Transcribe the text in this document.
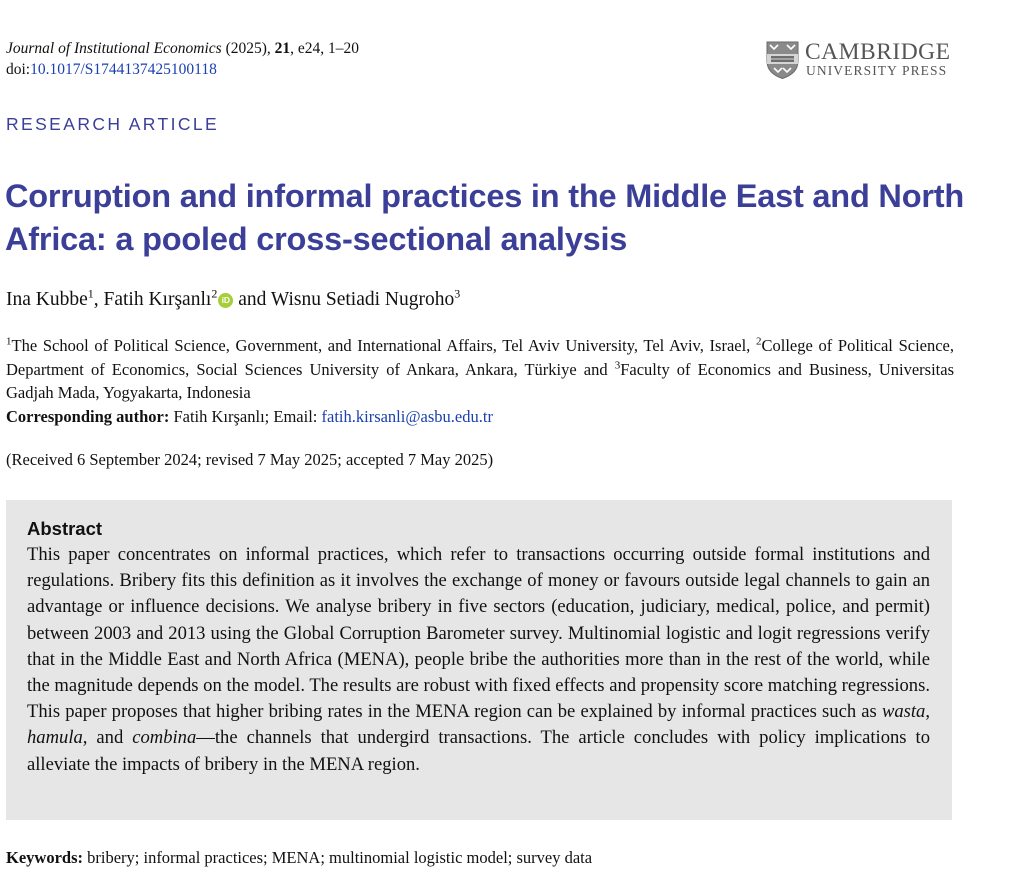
Journal of Institutional Economics (2025), 21, e24, 1–20
doi:10.1017/S1744137425100118
CAMBRIDGE
UNIVERSITY PRESS
RESEARCH ARTICLE
Corruption and informal practices in the Middle East and North Africa: a pooled cross-sectional analysis
Ina Kubbe$^1$, Fatih Kırşanlı$^2$ iD and Wisnu Setiadi Nugroho$^3$
$^1$The School of Political Science, Government, and International Affairs, Tel Aviv University, Tel Aviv, Israel, $^2$College of Political Science, Department of Economics, Social Sciences University of Ankara, Ankara, Türkiye and $^3$Faculty of Economics and Business, Universitas Gadjah Mada, Yogyakarta, Indonesia
Corresponding author: Fatih Kırşanlı; Email: fatih.kirsanli@asbu.edu.tr
(Received 6 September 2024; revised 7 May 2025; accepted 7 May 2025)
Abstract
This paper concentrates on informal practices, which refer to transactions occurring outside formal institutions and regulations. Bribery fits this definition as it involves the exchange of money or favours outside legal channels to gain an advantage or influence decisions. We analyse bribery in five sectors (education, judiciary, medical, police, and permit) between 2003 and 2013 using the Global Corruption Barometer survey. Multinomial logistic and logit regressions verify that in the Middle East and North Africa (MENA), people bribe the authorities more than in the rest of the world, while the magnitude depends on the model. The results are robust with fixed effects and propensity score matching regressions. This paper proposes that higher bribing rates in the MENA region can be explained by informal practices such as wasta, hamula, and combina—the channels that undergird transactions. The article concludes with policy implications to alleviate the impacts of bribery in the MENA region.
Keywords: bribery; informal practices; MENA; multinomial logistic model; survey data
